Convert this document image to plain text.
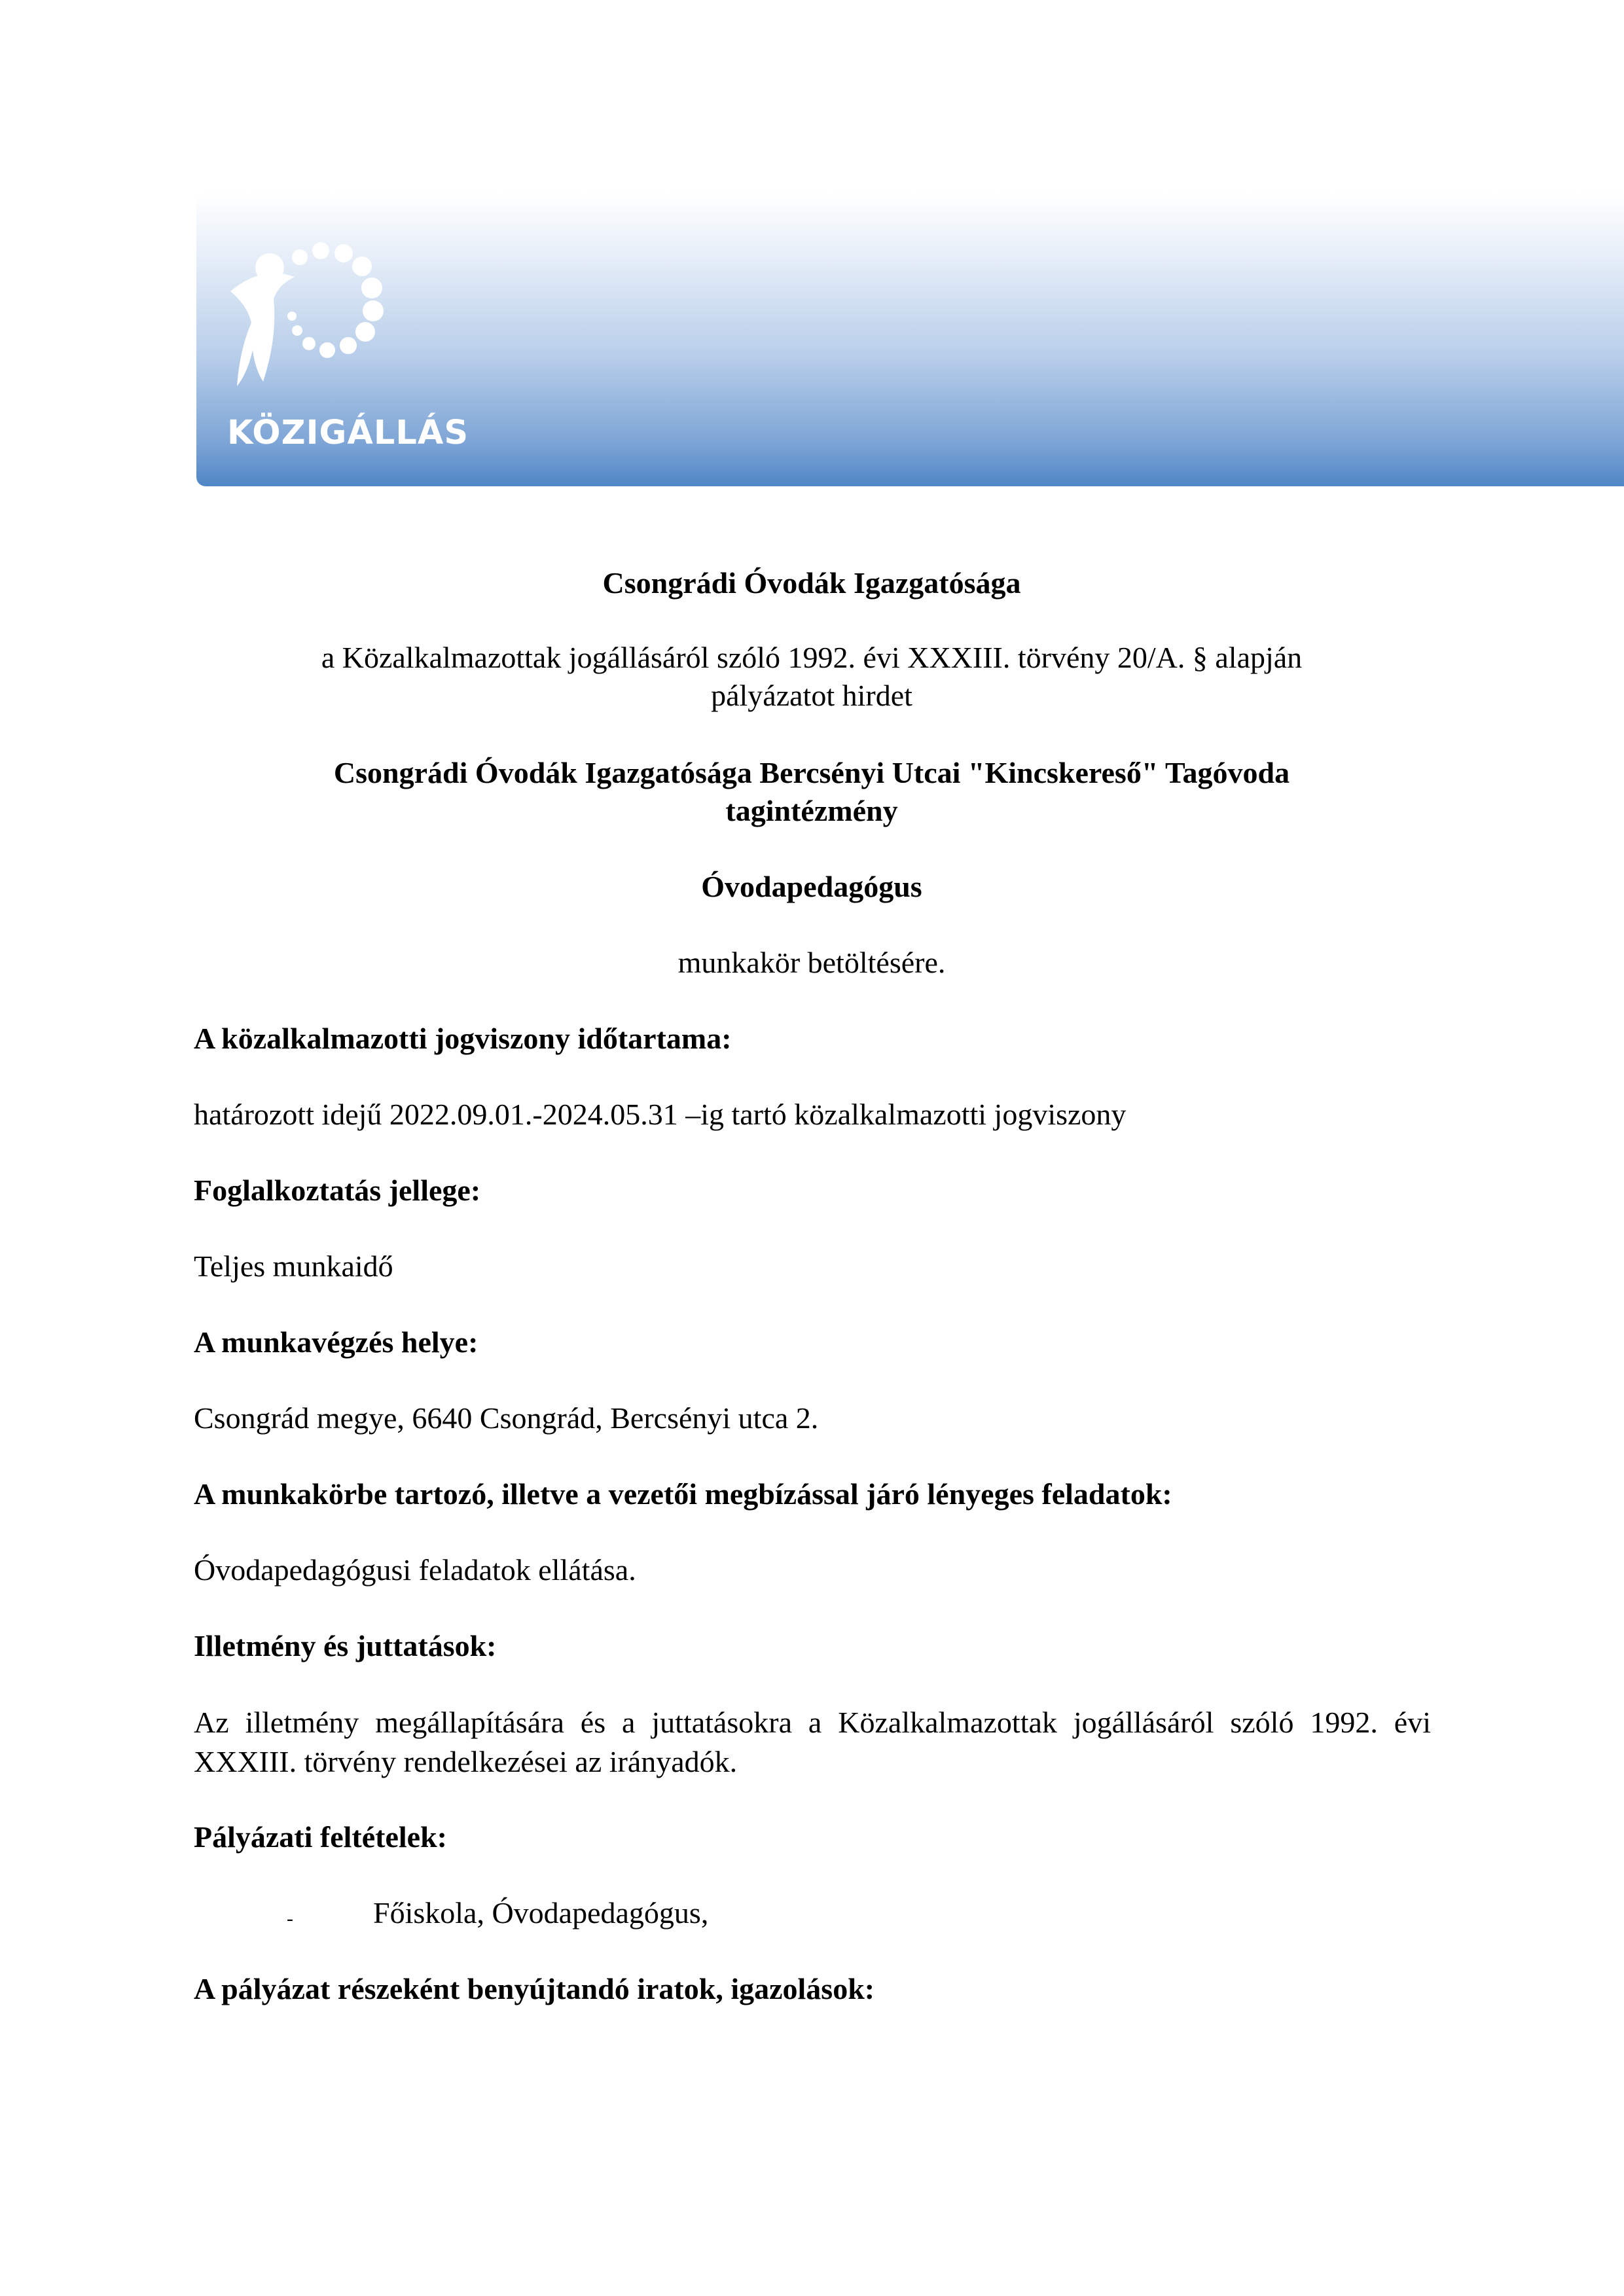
KÖZIGÁLLÁS

Csongrádi Óvodák Igazgatósága

a Közalkalmazottak jogállásáról szóló 1992. évi XXXIII. törvény 20/A. § alapján

pályázatot hirdet

Csongrádi Óvodák Igazgatósága Bercsényi Utcai "Kincskereső" Tagóvoda

tagintézmény

Óvodapedagógus

munkakör betöltésére.

A közalkalmazotti jogviszony időtartama:

határozott idejű 2022.09.01.-2024.05.31 –ig tartó közalkalmazotti jogviszony

Foglalkoztatás jellege:

Teljes munkaidő

A munkavégzés helye:

Csongrád megye, 6640 Csongrád, Bercsényi utca 2.

A munkakörbe tartozó, illetve a vezetői megbízással járó lényeges feladatok:

Óvodapedagógusi feladatok ellátása.

Illetmény és juttatások:

Az illetmény megállapítására és a juttatásokra a Közalkalmazottak jogállásáról szóló 1992. évi XXXIII. törvény rendelkezései az irányadók.

Pályázati feltételek:

-	Főiskola, Óvodapedagógus,

A pályázat részeként benyújtandó iratok, igazolások:
